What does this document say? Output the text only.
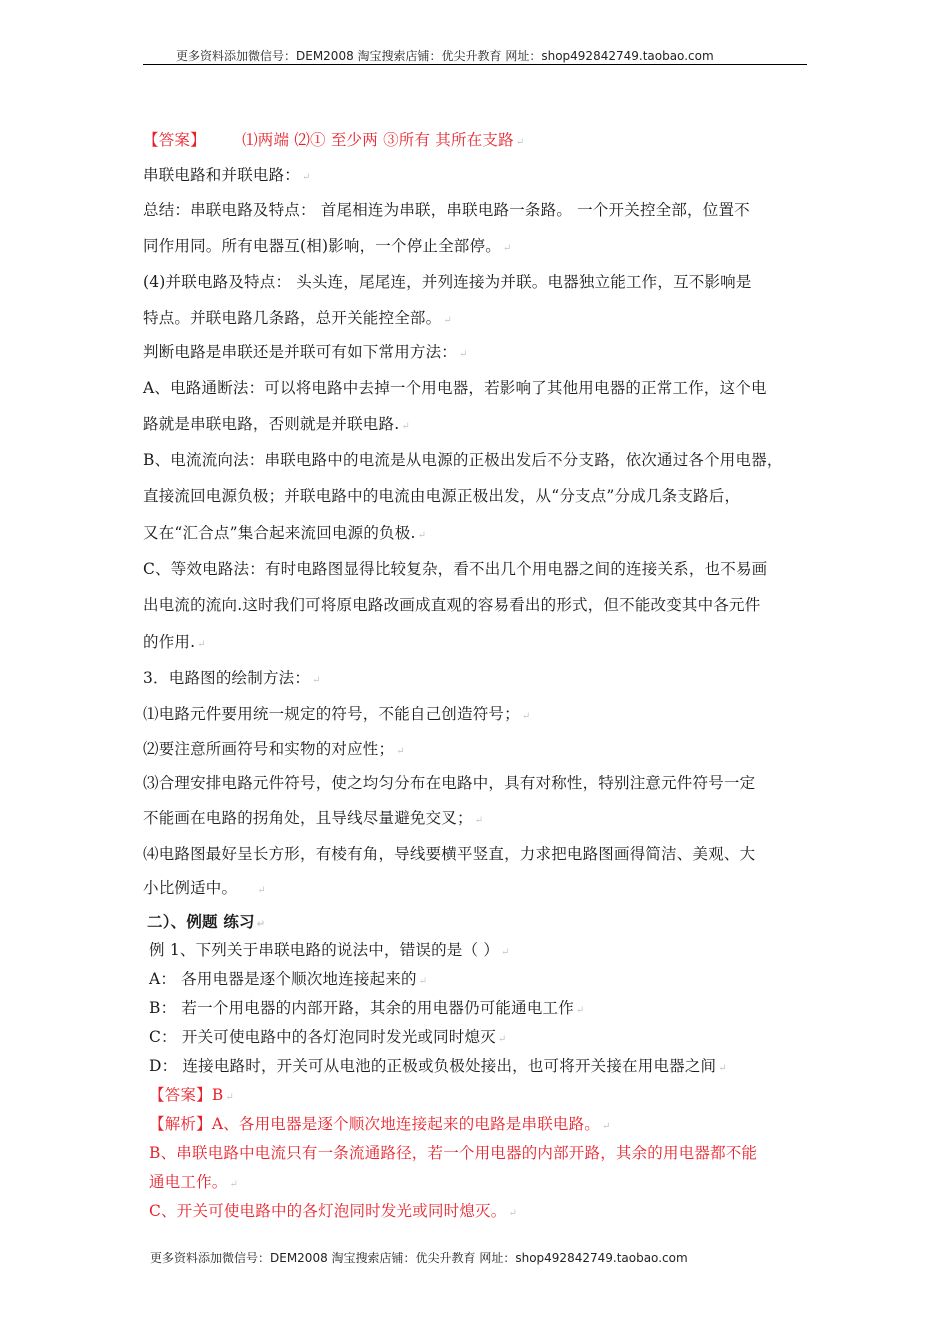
更多资料添加微信号：DEM2008 淘宝搜索店铺：优尖升教育 网址：shop492842749.taobao.com
【答案】 ⑴两端 ⑵① 至少两 ③所有 其所在支路 ↵
串联电路和并联电路： ↵
总结：串联电路及特点： 首尾相连为串联，串联电路一条路。 一个开关控全部，位置不
同作用同。所有电器互(相)影响，一个停止全部停。 ↵
(4)并联电路及特点： 头头连，尾尾连，并列连接为并联。电器独立能工作，互不影响是
特点。并联电路几条路，总开关能控全部。 ↵
判断电路是串联还是并联可有如下常用方法： ↵
A、电路通断法：可以将电路中去掉一个用电器，若影响了其他用电器的正常工作，这个电
路就是串联电路，否则就是并联电路. ↵
B、电流流向法：串联电路中的电流是从电源的正极出发后不分支路，依次通过各个用电器，
直接流回电源负极；并联电路中的电流由电源正极出发，从“分支点”分成几条支路后，
又在“汇合点”集合起来流回电源的负极. ↵
C、等效电路法：有时电路图显得比较复杂，看不出几个用电器之间的连接关系，也不易画
出电流的流向.这时我们可将原电路改画成直观的容易看出的形式，但不能改变其中各元件
的作用. ↵
3．电路图的绘制方法： ↵
⑴电路元件要用统一规定的符号，不能自己创造符号； ↵
⑵要注意所画符号和实物的对应性； ↵
⑶合理安排电路元件符号，使之均匀分布在电路中，具有对称性，特别注意元件符号一定
不能画在电路的拐角处，且导线尽量避免交叉； ↵
⑷电路图最好呈长方形，有棱有角，导线要横平竖直，力求把电路图画得简洁、美观、大
小比例适中。 ↵
二）、例题 练习 ↵
例 1、下列关于串联电路的说法中，错误的是（ ） ↵
A： 各用电器是逐个顺次地连接起来的 ↵
B： 若一个用电器的内部开路，其余的用电器仍可能通电工作 ↵
C： 开关可使电路中的各灯泡同时发光或同时熄灭 ↵
D： 连接电路时，开关可从电池的正极或负极处接出，也可将开关接在用电器之间 ↵
【答案】B ↵
【解析】A、各用电器是逐个顺次地连接起来的电路是串联电路。 ↵
B、串联电路中电流只有一条流通路径，若一个用电器的内部开路，其余的用电器都不能
通电工作。 ↵
C、开关可使电路中的各灯泡同时发光或同时熄灭。 ↵
更多资料添加微信号：DEM2008 淘宝搜索店铺：优尖升教育 网址：shop492842749.taobao.com
